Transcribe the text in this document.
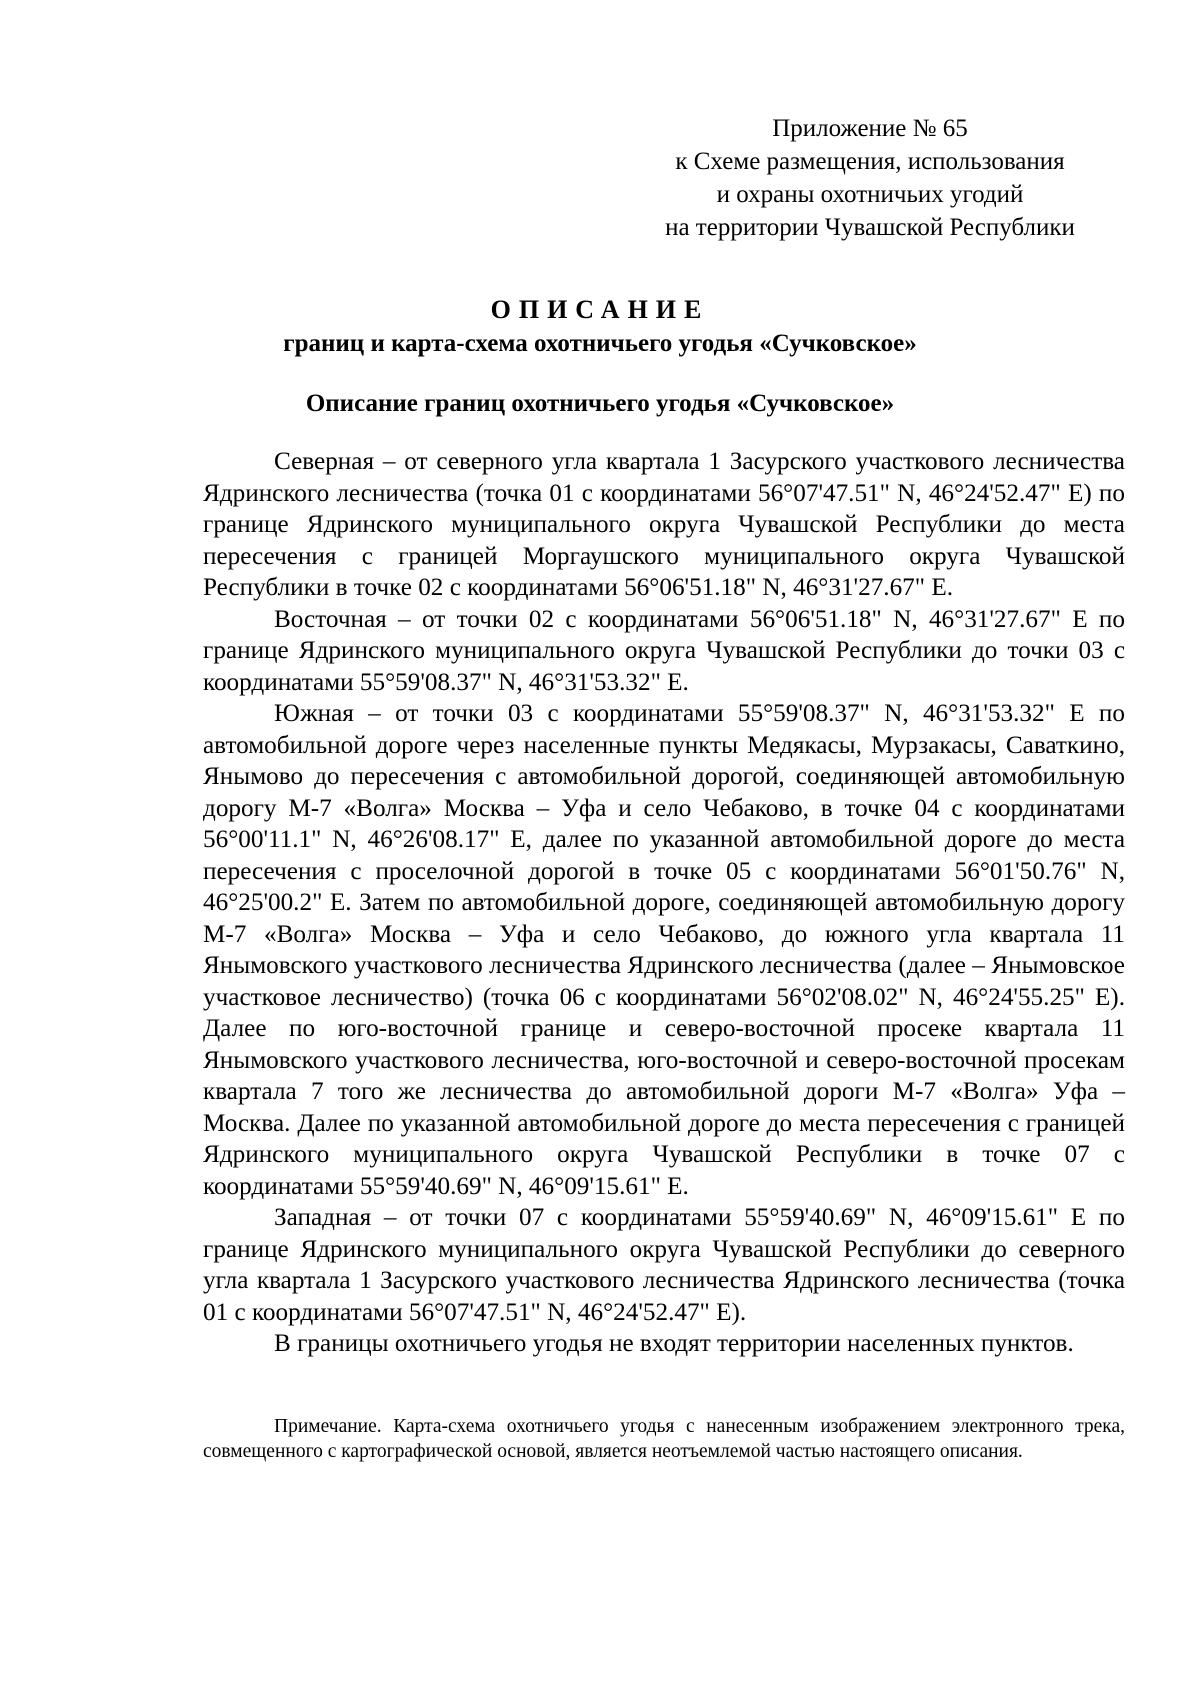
Приложение № 65
к Схеме размещения, использования
и охраны охотничьих угодий
на территории Чувашской Республики
ОПИСАНИЕ
границ и карта-схема охотничьего угодья «Сучковское»
Описание границ охотничьего угодья «Сучковское»

Северная – от северного угла квартала 1 Засурского участкового лесничества Ядринского лесничества (точка 01 с координатами 56°07'47.51" N, 46°24'52.47" E) по границе Ядринского муниципального округа Чувашской Республики до места пересечения с границей Моргаушского муниципального округа Чувашской Республики в точке 02 с координатами 56°06'51.18" N, 46°31'27.67" E.

Восточная – от точки 02 с координатами 56°06'51.18" N, 46°31'27.67" E по границе Ядринского муниципального округа Чувашской Республики до точки 03 с координатами 55°59'08.37" N, 46°31'53.32" E.

Южная – от точки 03 с координатами 55°59'08.37" N, 46°31'53.32" E по автомобильной дороге через населенные пункты Медякасы, Мурзакасы, Саваткино, Янымово до пересечения с автомобильной дорогой, соединяющей автомобильную дорогу М-7 «Волга» Москва – Уфа и село Чебаково, в точке 04 с координатами 56°00'11.1" N, 46°26'08.17" E, далее по указанной автомобильной дороге до места пересечения с проселочной дорогой в точке 05 с координатами 56°01'50.76" N, 46°25'00.2" E. Затем по автомобильной дороге, соединяющей автомобильную дорогу М-7 «Волга» Москва – Уфа и село Чебаково, до южного угла квартала 11 Янымовского участкового лесничества Ядринского лесничества (далее – Янымовское участковое лесничество) (точка 06 с координатами 56°02'08.02" N, 46°24'55.25" E). Далее по юго-восточной границе и северо-восточной просеке квартала 11 Янымовского участкового лесничества, юго-восточной и северо-восточной просекам квартала 7 того же лесничества до автомобильной дороги М-7 «Волга» Уфа – Москва. Далее по указанной автомобильной дороге до места пересечения с границей Ядринского муниципального округа Чувашской Республики в точке 07 с координатами 55°59'40.69" N, 46°09'15.61" E.

Западная – от точки 07 с координатами 55°59'40.69" N, 46°09'15.61" E по границе Ядринского муниципального округа Чувашской Республики до северного угла квартала 1 Засурского участкового лесничества Ядринского лесничества (точка 01 с координатами 56°07'47.51" N, 46°24'52.47" E).

В границы охотничьего угодья не входят территории населенных пунктов.

Примечание. Карта-схема охотничьего угодья с нанесенным изображением электронного трека, совмещенного с картографической основой, является неотъемлемой частью настоящего описания.
